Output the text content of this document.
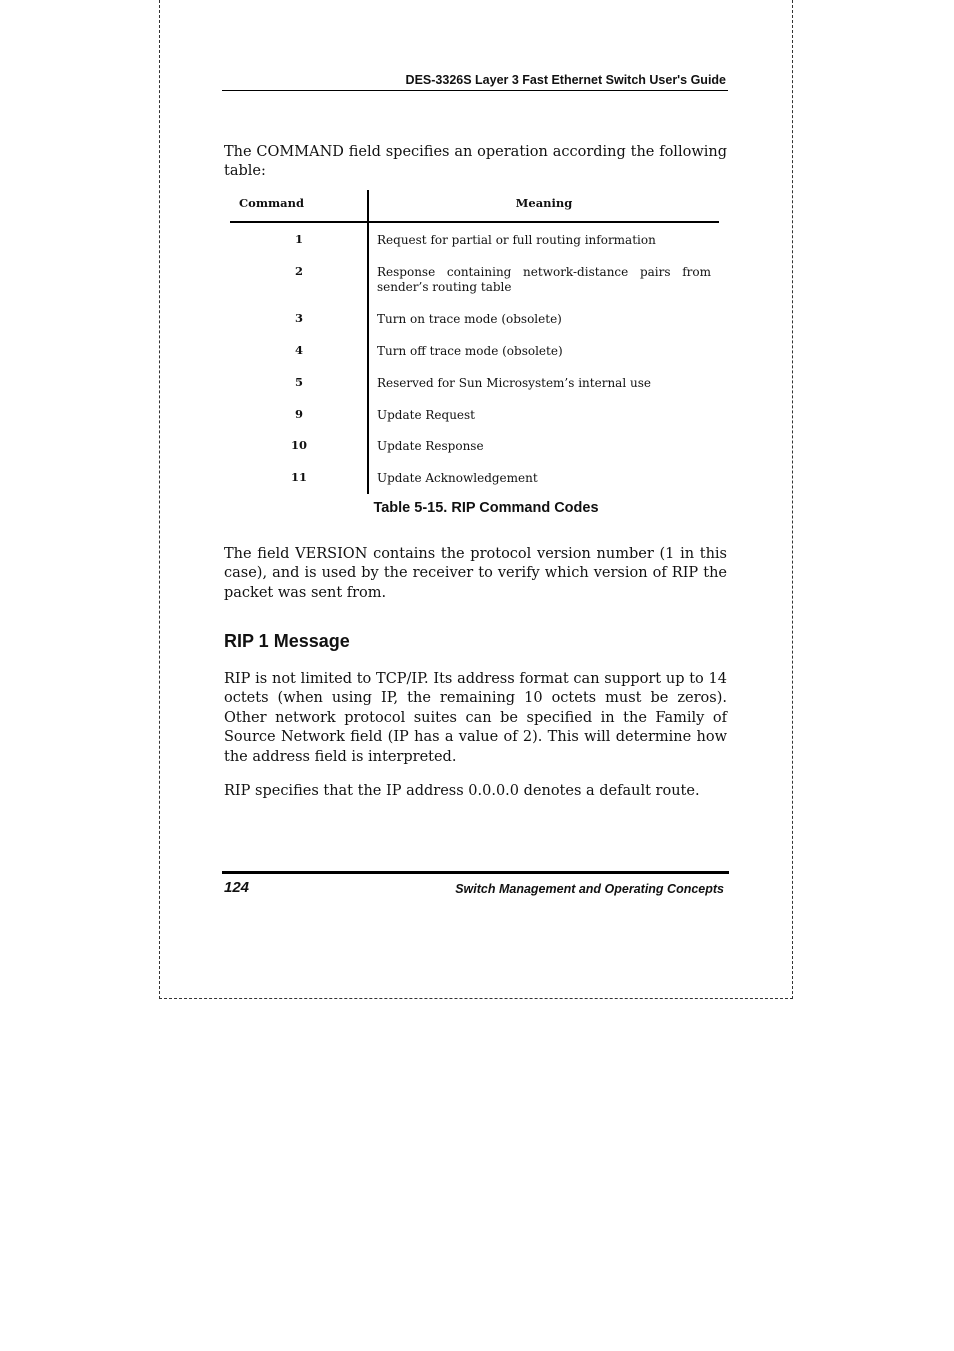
DES-3326S Layer 3 Fast Ethernet Switch User's Guide

The COMMAND field specifies an operation according the following table:

Command	Meaning
1	Request for partial or full routing information
2	Response containing network-distance pairs from sender’s routing table
3	Turn on trace mode (obsolete)
4	Turn off trace mode (obsolete)
5	Reserved for Sun Microsystem’s internal use
9	Update Request
10	Update Response
11	Update Acknowledgement
Table 5-15. RIP Command Codes

The field VERSION contains the protocol version number (1 in this case), and is used by the receiver to verify which version of RIP the packet was sent from.

RIP 1 Message

RIP is not limited to TCP/IP. Its address format can support up to 14 octets (when using IP, the remaining 10 octets must be zeros). Other network protocol suites can be specified in the Family of Source Network field (IP has a value of 2). This will determine how the address field is interpreted.

RIP specifies that the IP address 0.0.0.0 denotes a default route.

124	Switch Management and Operating Concepts
